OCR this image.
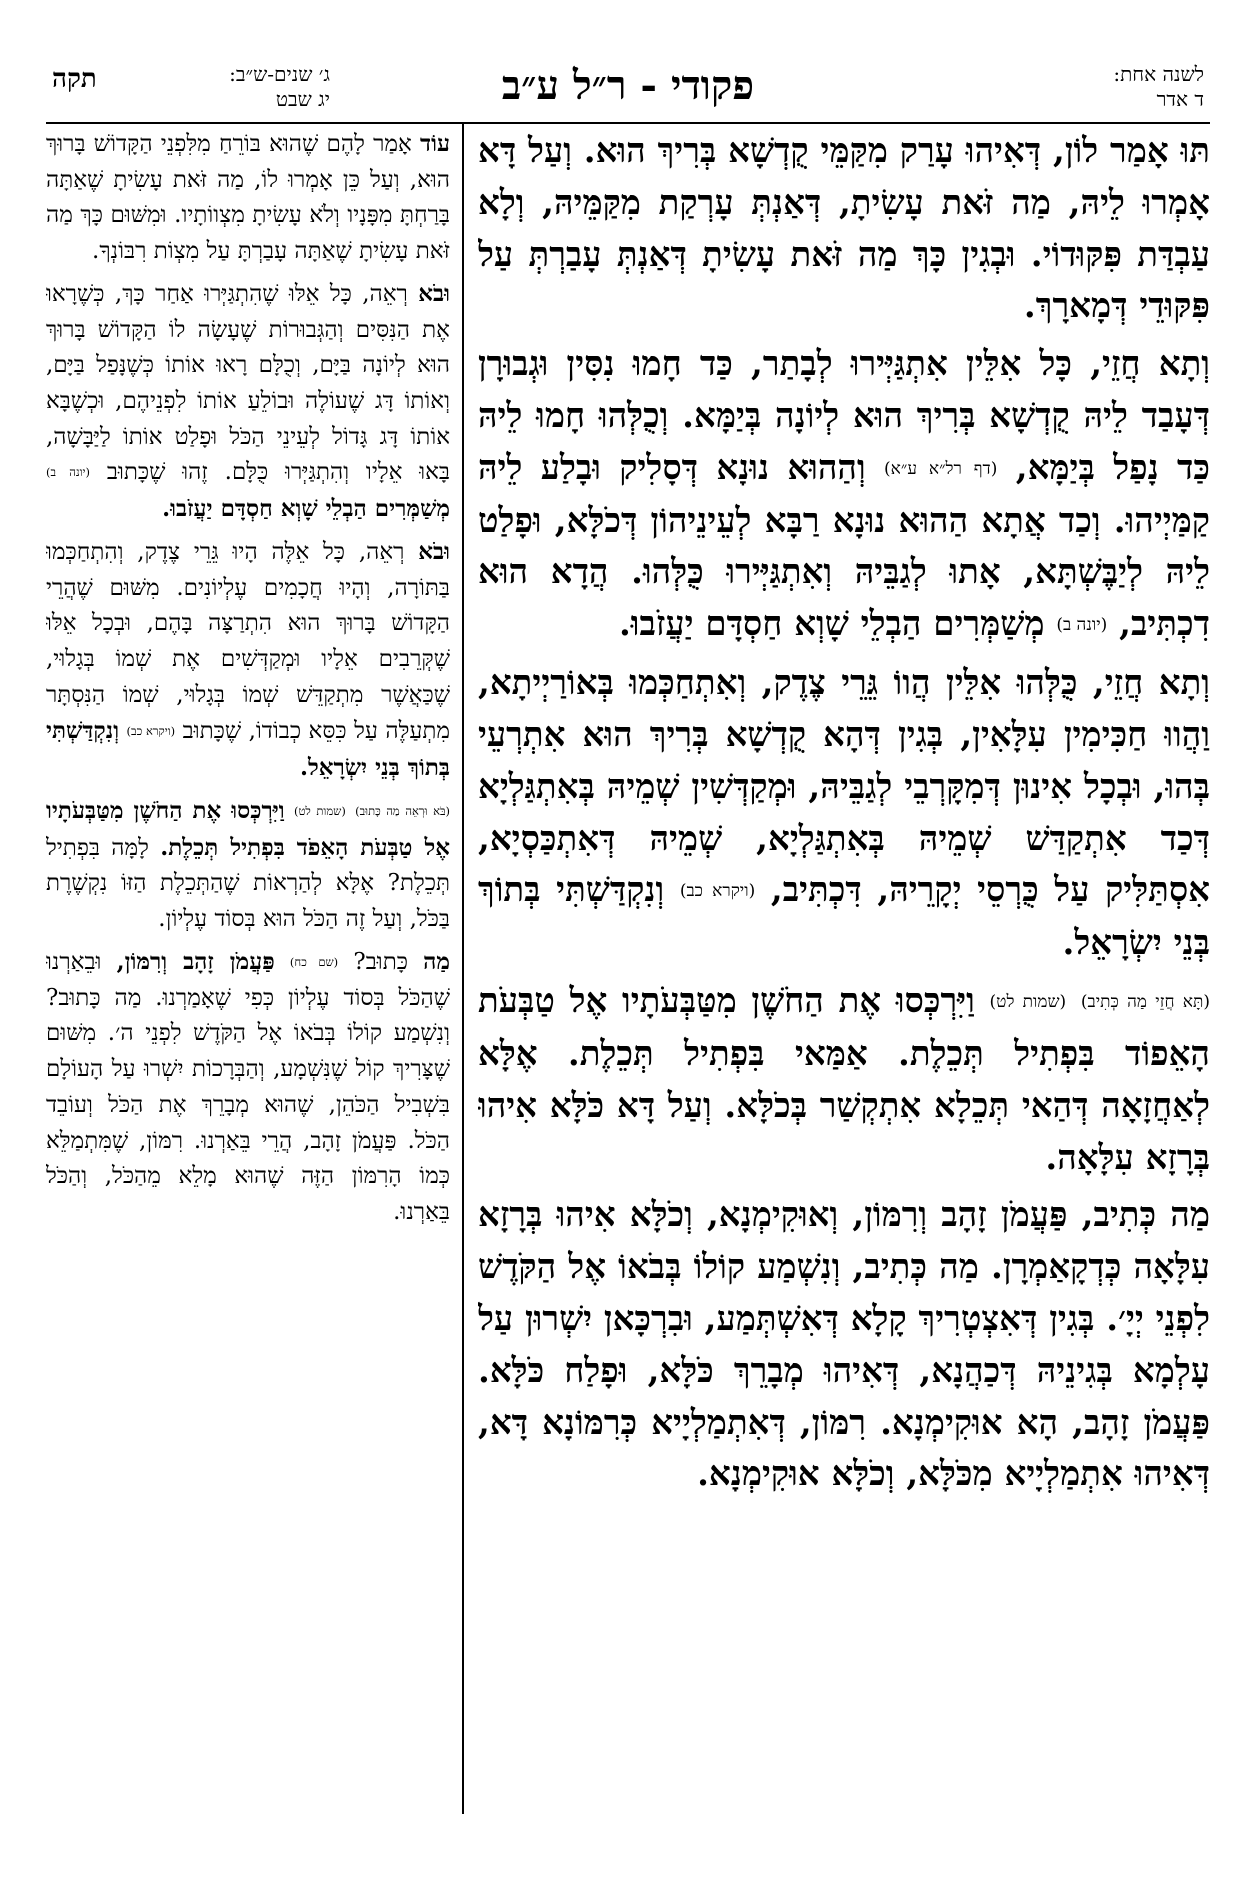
לשנה אחת:
ד אדר
פקודי - ר״ל ע״ב
ג׳ שנים-ש״ב:
יג שבט
תקה

תּוּ אָמַר לוֹן, דְּאִיהוּ עָרַק מִקַּמֵּי קֻדְשָׁא בְּרִיךְ הוּא. וְעַל דָּא אָמְרוּ לֵיהּ, מַה זֹּאת עָשִׂיתָ, דְּאַנְתְּ עָרְקַת מִקַּמֵּיהּ, וְלָא עַבְדַּת פִּקּוּדוֹי. וּבְגִין כָּךְ מַה זֹּאת עָשִׂיתָ דְּאַנְתְּ עָבַרְתְּ עַל פִּקּוּדֵי דְּמָארָךְ.

וְתָא חֲזֵי, כָּל אִלֵּין אִתְגַּיְּירוּ לְבָתַר, כַּד חָמוּ נִסִּין וּגְבוּרָן דְּעָבַד לֵיהּ קֻדְשָׁא בְּרִיךְ הוּא לְיוֹנָה בְּיַמָּא. וְכֻלְּהוּ חָמוּ לֵיהּ כַּד נָפַל בְּיַמָּא, (דף רל״א ע״א) וְהַהוּא נוּנָא דְּסָלִיק וּבָלַע לֵיהּ קַמַּיְיהוּ. וְכַד אֲתָא הַהוּא נוּנָא רַבָּא לְעֵינֵיהוֹן דְּכֹלָּא, וּפָלַט לֵיהּ לְיַבֶּשְׁתָּא, אָתוּ לְגַבֵּיהּ וְאִתְגַּיְּירוּ כֻּלְּהוּ. הֲדָא הוּא דִכְתִּיב, (יונה ב) מְשַׁמְּרִים הַבְלֵי שָׁוְא חַסְדָּם יַעֲזֹבוּ.

וְתָא חֲזֵי, כֻּלְּהוּ אִלֵּין הֲווֹ גֵּרֵי צֶדֶק, וְאִתְחַכְּמוּ בְּאוֹרַיְיתָא, וַהֲווּ חַכִּימִין עִלָּאִין, בְּגִין דְּהָא קֻדְשָׁא בְּרִיךְ הוּא אִתְרְעֵי בְּהוּ, וּבְכָל אִינוּן דְּמִקָּרְבֵי לְגַבֵּיהּ, וּמְקַדְּשִׁין שְׁמֵיהּ בְּאִתְגַּלְיָא דְּכַד אִתְקַדַּשׁ שְׁמֵיהּ בְּאִתְגַּלְיָא, שְׁמֵיהּ דְּאִתְכַּסְיָא, אִסְתַּלִּיק עַל כֻּרְסֵי יְקָרֵיהּ, דִּכְתִּיב, (ויקרא כב) וְנִקְדַּשְׁתִּי בְּתוֹךְ בְּנֵי יִשְׂרָאֵל.

(תָּא חֲזֵי מַה כְּתִיב) (שמות לט) וַיִּרְכְּסוּ אֶת הַחֹשֶׁן מִטַּבְּעֹתָיו אֶל טַבְּעֹת הָאֵפוֹד בִּפְתִיל תְּכֵלֶת. אַמַּאי בִּפְתִיל תְּכֵלֶת. אֶלָּא לְאַחֲזָאָה דְּהַאי תְּכֵלָא אִתְקְשַׁר בְּכֹלָּא. וְעַל דָּא כֹּלָּא אִיהוּ בְּרָזָא עִלָּאָה.

מַה כְּתִיב, פַּעֲמֹן זָהָב וְרִמּוֹן, וְאוּקִימְנָא, וְכֹלָּא אִיהוּ בְּרָזָא עִלָּאָה כְּדְקָאַמְרָן. מַה כְּתִיב, וְנִשְׁמַע קוֹלוֹ בְּבֹאוֹ אֶל הַקֹּדֶשׁ לִפְנֵי יְיָ׳. בְּגִין דְּאִצְטְרִיךְ קָלָא דְּאִשְׁתְּמַע, וּבִרְכָּאן יִשְׁרוּן עַל עָלְמָא בְּגִינֵיהּ דְּכַהֲנָא, דְּאִיהוּ מְבָרֵךְ כֹּלָּא, וּפָלַח כֹּלָּא. פַּעֲמֹן זָהָב, הָא אוּקִימְנָא. רִמּוֹן, דְּאִתְמַלְיָיא כְּרִמּוֹנָא דָּא, דְּאִיהוּ אִתְמַלְיָיא מִכֹּלָּא, וְכֹלָּא אוּקִימְנָא.

עוֹד אָמַר לָהֶם שֶׁהוּא בּוֹרֵחַ מִלִּפְנֵי הַקָּדוֹשׁ בָּרוּךְ הוּא, וְעַל כֵּן אָמְרוּ לוֹ, מַה זֹּאת עָשִׂיתָ שֶׁאַתָּה בָּרַחְתָּ מִפָּנָיו וְלֹא עָשִׂיתָ מִצְווֹתָיו. וּמִשּׁוּם כָּךְ מַה זֹּאת עָשִׂיתָ שֶׁאַתָּה עָבַרְתָּ עַל מִצְוֹת רִבּוֹנְךָ.

וּבֹא רְאֵה, כָּל אֵלּוּ שֶׁהִתְגַּיְּרוּ אַחַר כָּךְ, כְּשֶׁרָאוּ אֶת הַנִּסִּים וְהַגְּבוּרוֹת שֶׁעָשָׂה לוֹ הַקָּדוֹשׁ בָּרוּךְ הוּא לְיוֹנָה בַּיָּם, וְכֻלָּם רָאוּ אוֹתוֹ כְּשֶׁנָּפַל בַּיָּם, וְאוֹתוֹ דָּג שֶׁעוֹלֶה וּבוֹלֵעַ אוֹתוֹ לִפְנֵיהֶם, וּכְשֶׁבָּא אוֹתוֹ דָּג גָּדוֹל לְעֵינֵי הַכֹּל וּפָלַט אוֹתוֹ לַיַּבָּשָׁה, בָּאוּ אֵלָיו וְהִתְגַּיְּרוּ כֻּלָּם. זֶהוּ שֶׁכָּתוּב (יונה ב) מְשַׁמְּרִים הַבְלֵי שָׁוְא חַסְדָּם יַעֲזֹבוּ.

וּבֹא רְאֵה, כָּל אֵלֶּה הָיוּ גֵּרֵי צֶדֶק, וְהִתְחַכְּמוּ בַּתּוֹרָה, וְהָיוּ חֲכָמִים עֶלְיוֹנִים. מִשּׁוּם שֶׁהֲרֵי הַקָּדוֹשׁ בָּרוּךְ הוּא הִתְרַצָּה בָּהֶם, וּבְכָל אֵלּוּ שֶׁקְּרֵבִים אֵלָיו וּמְקַדְּשִׁים אֶת שְׁמוֹ בְּגָלוּי, שֶׁכַּאֲשֶׁר מִתְקַדֵּשׁ שְׁמוֹ בְּגָלוּי, שְׁמוֹ הַנִּסְתָּר מִתְעַלֶּה עַל כִּסֵּא כְבוֹדוֹ, שֶׁכָּתוּב (ויקרא כב) וְנִקְדַּשְׁתִּי בְּתוֹךְ בְּנֵי יִשְׂרָאֵל.

(בֹּא וּרְאֵה מַה כָּתוּב) (שמות לט) וַיִּרְכְּסוּ אֶת הַחֹשֶׁן מִטַּבְּעֹתָיו אֶל טַבְּעֹת הָאֵפֹד בִּפְתִיל תְּכֵלֶת. לָמָּה בִּפְתִיל תְּכֵלֶת? אֶלָּא לְהַרְאוֹת שֶׁהַתְּכֵלֶת הַזּוֹ נִקְשֶׁרֶת בַּכֹּל, וְעַל זֶה הַכֹּל הוּא בְּסוֹד עֶלְיוֹן.

מַה כָּתוּב? (שם כח) פַּעֲמֹן זָהָב וְרִמּוֹן, וּבֵאַרְנוּ שֶׁהַכֹּל בְּסוֹד עֶלְיוֹן כְּפִי שֶׁאָמַרְנוּ. מַה כָּתוּב? וְנִשְׁמַע קוֹלוֹ בְּבֹאוֹ אֶל הַקֹּדֶשׁ לִפְנֵי ה׳. מִשּׁוּם שֶׁצָּרִיךְ קוֹל שֶׁנִּשְׁמָע, וְהַבְּרָכוֹת יִשְׁרוּ עַל הָעוֹלָם בִּשְׁבִיל הַכֹּהֵן, שֶׁהוּא מְבָרֵךְ אֶת הַכֹּל וְעוֹבֵד הַכֹּל. פַּעֲמֹן זָהָב, הֲרֵי בֵּאַרְנוּ. רִמּוֹן, שֶׁמִּתְמַלֵּא כְּמוֹ הָרִמּוֹן הַזֶּה שֶׁהוּא מָלֵא מֵהַכֹּל, וְהַכֹּל בֵּאַרְנוּ.
